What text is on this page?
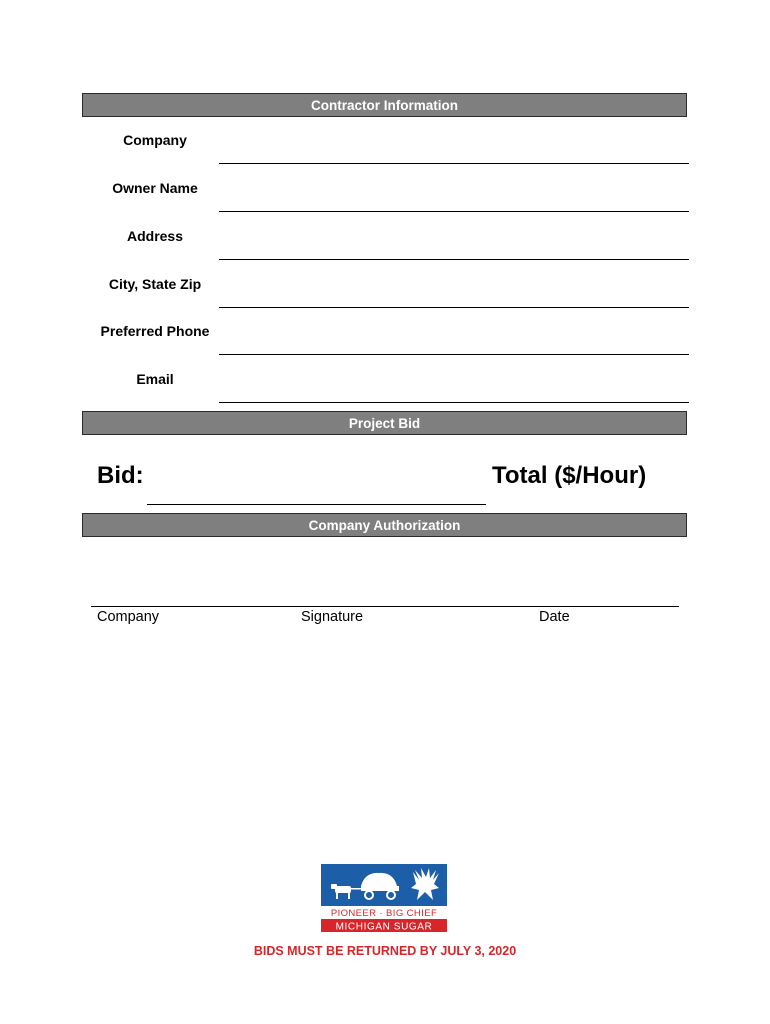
Contractor Information
Company
Owner Name
Address
City, State Zip
Preferred Phone
Email
Project Bid
Bid:	Total ($/Hour)
Company Authorization
Company	Signature	Date
PIONEER · BIG CHIEF
MICHIGAN SUGAR
BIDS MUST BE RETURNED BY JULY 3, 2020
